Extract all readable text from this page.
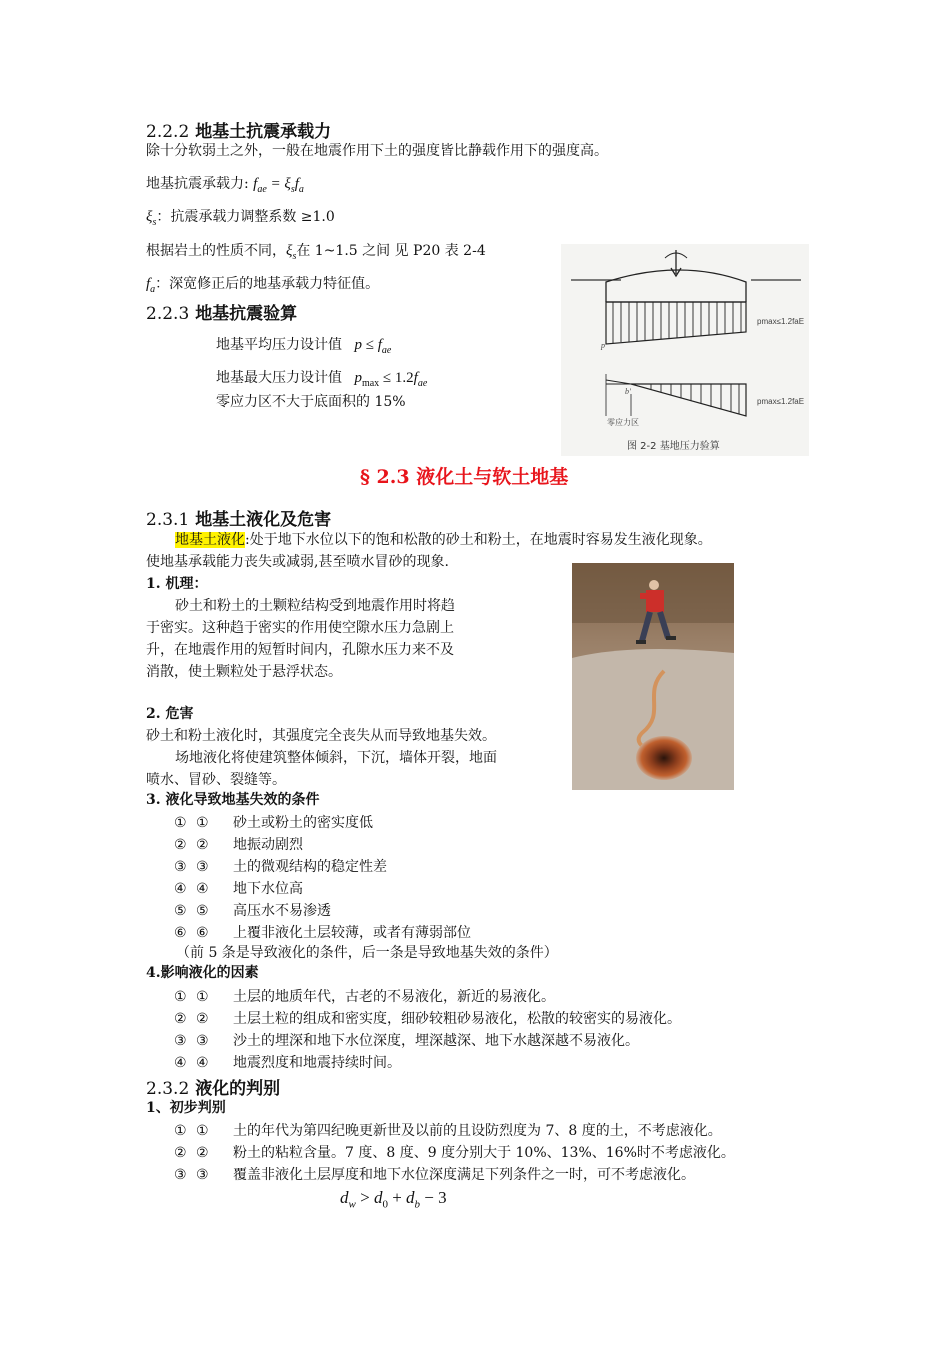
2.2.2 地基土抗震承载力
除十分软弱土之外，一般在地震作用下土的强度皆比静载作用下的强度高。
地基抗震承载力: $f_{ae} = \xi_sf_a$
$\xi_s$：抗震承载力调整系数 ≥1.0
根据岩土的性质不同，$\xi_s$在 1~1.5 之间 见 P20 表 2-4
$f_a$：深宽修正后的地基承载力特征值。
2.2.3 地基抗震验算
地基平均压力设计值 $p \le f_{ae}$
地基最大压力设计值 $p_{max} \le 1.2f_{ae}$
零应力区不大于底面积的 15%
pmax≤1.2faE
p
b'
零应力区
pmax≤1.2faE
图 2-2 基地压力验算
§ 2.3 液化土与软土地基
2.3.1 地基土液化及危害
地基土液化:处于地下水位以下的饱和松散的砂土和粉土，在地震时容易发生液化现象。
使地基承载能力丧失或减弱,甚至喷水冒砂的现象.
1. 机理：
砂土和粉土的土颗粒结构受到地震作用时将趋
于密实。这种趋于密实的作用使空隙水压力急剧上
升，在地震作用的短暂时间内，孔隙水压力来不及
消散，使土颗粒处于悬浮状态。
2. 危害
砂土和粉土液化时，其强度完全丧失从而导致地基失效。
场地液化将使建筑整体倾斜，下沉，墙体开裂，地面
喷水、冒砂、裂缝等。
3. 液化导致地基失效的条件
① ① 砂土或粉土的密实度低
② ② 地振动剧烈
③ ③ 土的微观结构的稳定性差
④ ④ 地下水位高
⑤ ⑤ 高压水不易渗透
⑥ ⑥ 上覆非液化土层较薄，或者有薄弱部位
（前 5 条是导致液化的条件，后一条是导致地基失效的条件）
4.影响液化的因素
① ① 土层的地质年代，古老的不易液化，新近的易液化。
② ② 土层土粒的组成和密实度，细砂较粗砂易液化，松散的较密实的易液化。
③ ③ 沙土的埋深和地下水位深度，埋深越深、地下水越深越不易液化。
④ ④ 地震烈度和地震持续时间。
2.3.2 液化的判别
1、初步判别
① ① 土的年代为第四纪晚更新世及以前的且设防烈度为 7、8 度的土，不考虑液化。
② ② 粉土的粘粒含量。7 度、8 度、9 度分别大于 10%、13%、16%时不考虑液化。
③ ③ 覆盖非液化土层厚度和地下水位深度满足下列条件之一时，可不考虑液化。
$d_w > d_0 + d_b - 3$
